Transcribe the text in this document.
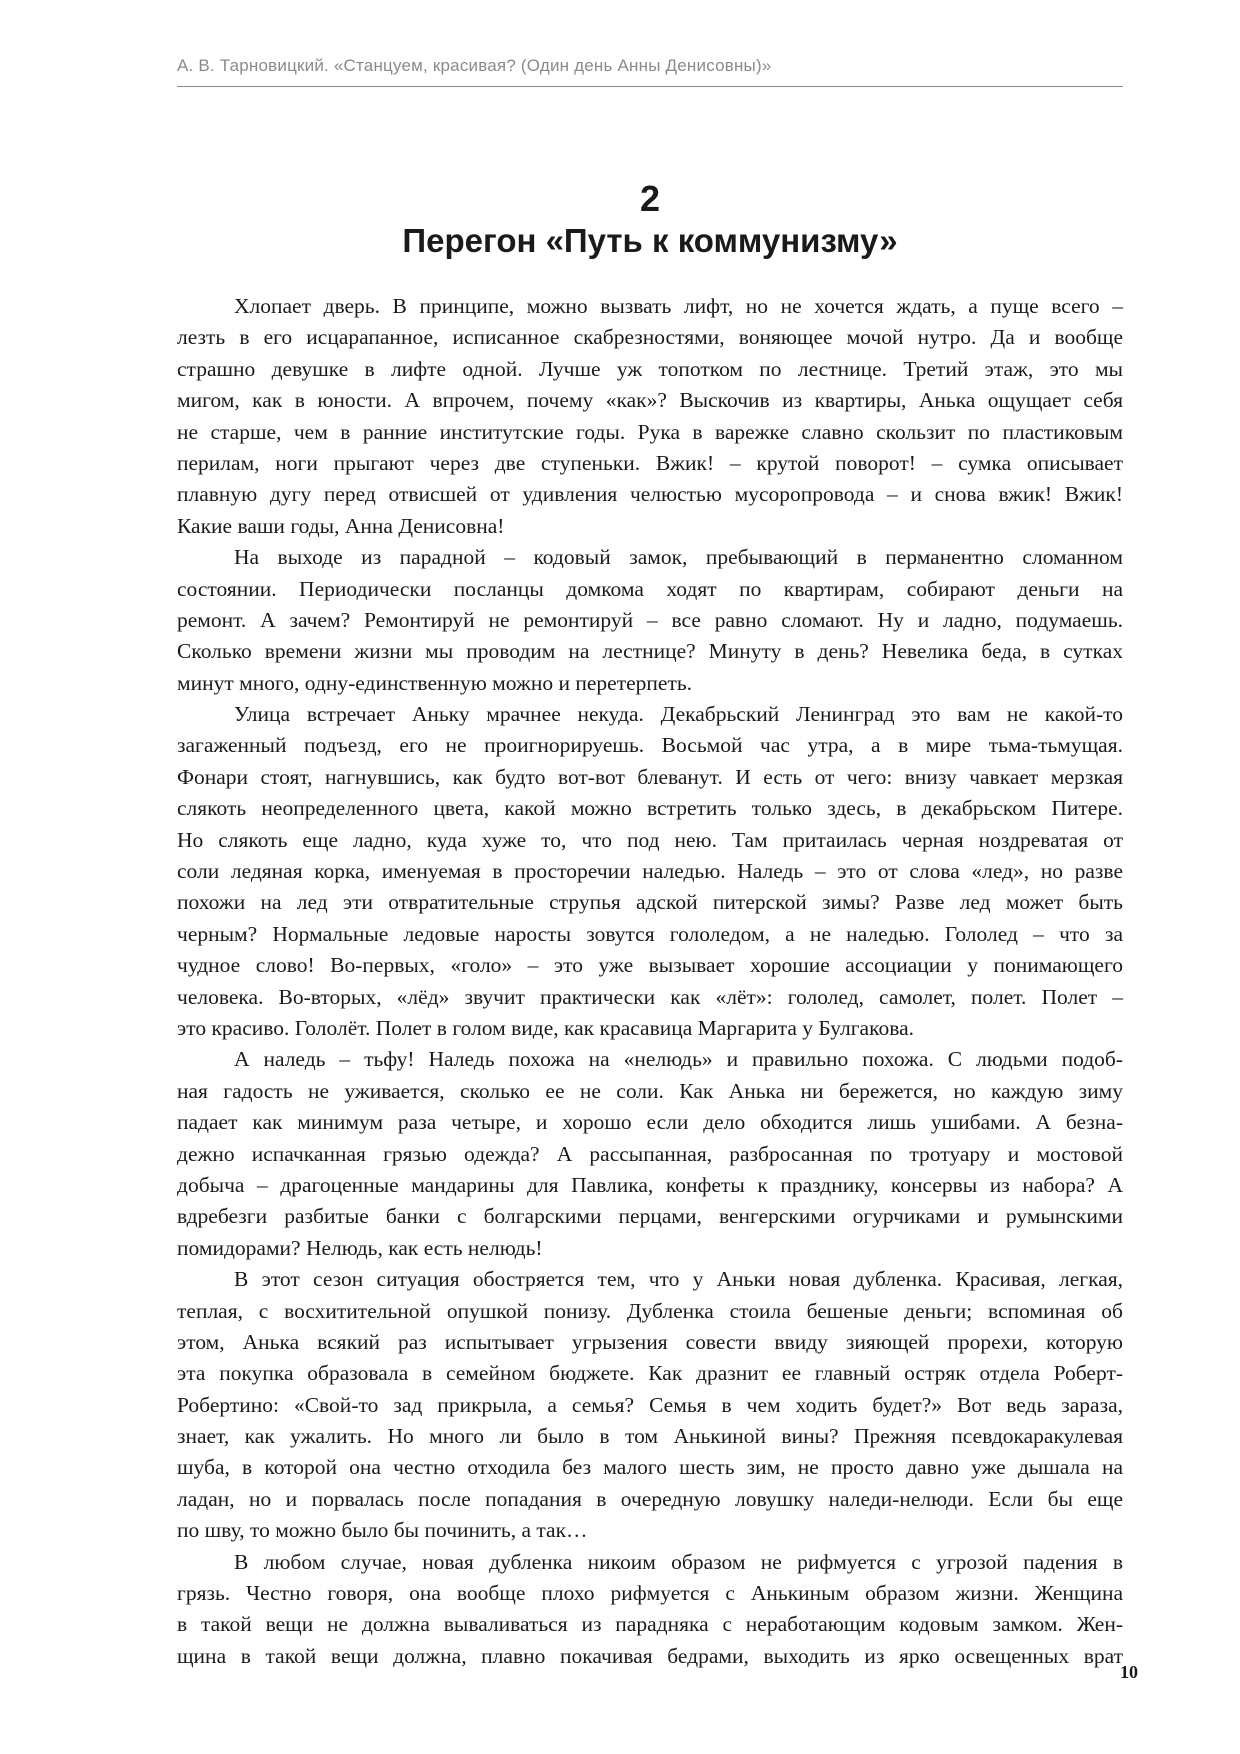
А. В. Тарновицкий. «Станцуем, красивая? (Один день Анны Денисовны)»
2
Перегон «Путь к коммунизму»

Хлопает дверь. В принципе, можно вызвать лифт, но не хочется ждать, а пуще всего –
лезть в его исцарапанное, исписанное скабрезностями, воняющее мочой нутро. Да и вообще
страшно девушке в лифте одной. Лучше уж топотком по лестнице. Третий этаж, это мы
мигом, как в юности. А впрочем, почему «как»? Выскочив из квартиры, Анька ощущает себя
не старше, чем в ранние институтские годы. Рука в варежке славно скользит по пластиковым
перилам, ноги прыгают через две ступеньки. Вжик! – крутой поворот! – сумка описывает
плавную дугу перед отвисшей от удивления челюстью мусоропровода – и снова вжик! Вжик!
Какие ваши годы, Анна Денисовна!

На выходе из парадной – кодовый замок, пребывающий в перманентно сломанном
состоянии. Периодически посланцы домкома ходят по квартирам, собирают деньги на
ремонт. А зачем? Ремонтируй не ремонтируй – все равно сломают. Ну и ладно, подумаешь.
Сколько времени жизни мы проводим на лестнице? Минуту в день? Невелика беда, в сутках
минут много, одну-единственную можно и перетерпеть.

Улица встречает Аньку мрачнее некуда. Декабрьский Ленинград это вам не какой-то
загаженный подъезд, его не проигнорируешь. Восьмой час утра, а в мире тьма-тьмущая.
Фонари стоят, нагнувшись, как будто вот-вот блеванут. И есть от чего: внизу чавкает мерзкая
слякоть неопределенного цвета, какой можно встретить только здесь, в декабрьском Питере.
Но слякоть еще ладно, куда хуже то, что под нею. Там притаилась черная ноздреватая от
соли ледяная корка, именуемая в просторечии наледью. Наледь – это от слова «лед», но разве
похожи на лед эти отвратительные струпья адской питерской зимы? Разве лед может быть
черным? Нормальные ледовые наросты зовутся гололедом, а не наледью. Гололед – что за
чудное слово! Во-первых, «голо» – это уже вызывает хорошие ассоциации у понимающего
человека. Во-вторых, «лёд» звучит практически как «лёт»: гололед, самолет, полет. Полет –
это красиво. Гололёт. Полет в голом виде, как красавица Маргарита у Булгакова.

А наледь – тьфу! Наледь похожа на «нелюдь» и правильно похожа. С людьми подоб-
ная гадость не уживается, сколько ее не соли. Как Анька ни бережется, но каждую зиму
падает как минимум раза четыре, и хорошо если дело обходится лишь ушибами. А безна-
дежно испачканная грязью одежда? А рассыпанная, разбросанная по тротуару и мостовой
добыча – драгоценные мандарины для Павлика, конфеты к празднику, консервы из набора? А
вдребезги разбитые банки с болгарскими перцами, венгерскими огурчиками и румынскими
помидорами? Нелюдь, как есть нелюдь!

В этот сезон ситуация обостряется тем, что у Аньки новая дубленка. Красивая, легкая,
теплая, с восхитительной опушкой понизу. Дубленка стоила бешеные деньги; вспоминая об
этом, Анька всякий раз испытывает угрызения совести ввиду зияющей прорехи, которую
эта покупка образовала в семейном бюджете. Как дразнит ее главный остряк отдела Роберт-
Робертино: «Свой-то зад прикрыла, а семья? Семья в чем ходить будет?» Вот ведь зараза,
знает, как ужалить. Но много ли было в том Анькиной вины? Прежняя псевдокаракулевая
шуба, в которой она честно отходила без малого шесть зим, не просто давно уже дышала на
ладан, но и порвалась после попадания в очередную ловушку наледи-нелюди. Если бы еще
по шву, то можно было бы починить, а так…

В любом случае, новая дубленка никоим образом не рифмуется с угрозой падения в
грязь. Честно говоря, она вообще плохо рифмуется с Анькиным образом жизни. Женщина
в такой вещи не должна вываливаться из парадняка с неработающим кодовым замком. Жен-
щина в такой вещи должна, плавно покачивая бедрами, выходить из ярко освещенных врат

10
